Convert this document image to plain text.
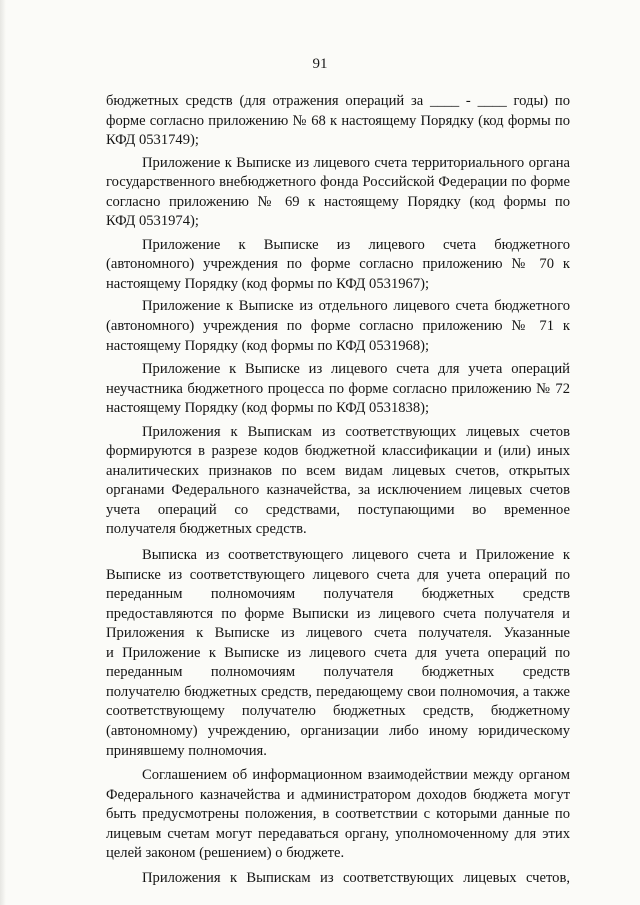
91
бюджетных средств (для отражения операций за ____ - ____ годы) по
форме согласно приложению № 68 к настоящему Порядку (код формы по
КФД 0531749);
Приложение к Выписке из лицевого счета территориального органа
государственного внебюджетного фонда Российской Федерации по форме
согласно приложению № 69 к настоящему Порядку (код формы по
КФД 0531974);
Приложение к Выписке из лицевого счета бюджетного
(автономного) учреждения по форме согласно приложению № 70 к
настоящему Порядку (код формы по КФД 0531967);
Приложение к Выписке из отдельного лицевого счета бюджетного
(автономного) учреждения по форме согласно приложению № 71 к
настоящему Порядку (код формы по КФД 0531968);
Приложение к Выписке из лицевого счета для учета операций
неучастника бюджетного процесса по форме согласно приложению № 72
настоящему Порядку (код формы по КФД 0531838);
Приложения к Выпискам из соответствующих лицевых счетов
формируются в разрезе кодов бюджетной классификации и (или) иных
аналитических признаков по всем видам лицевых счетов, открытых
органами Федерального казначейства, за исключением лицевых счетов
учета операций со средствами, поступающими во временное
получателя бюджетных средств.
Выписка из соответствующего лицевого счета и Приложение к
Выписке из соответствующего лицевого счета для учета операций по
переданным полномочиям получателя бюджетных средств
предоставляются по форме Выписки из лицевого счета получателя и
Приложения к Выписке из лицевого счета получателя. Указанные
и Приложение к Выписке из лицевого счета для учета операций по
переданным полномочиям получателя бюджетных средств
получателю бюджетных средств, передающему свои полномочия, а также
соответствующему получателю бюджетных средств, бюджетному
(автономному) учреждению, организации либо иному юридическому
принявшему полномочия.
Соглашением об информационном взаимодействии между органом
Федерального казначейства и администратором доходов бюджета могут
быть предусмотрены положения, в соответствии с которыми данные по
лицевым счетам могут передаваться органу, уполномоченному для этих
целей законом (решением) о бюджете.
Приложения к Выпискам из соответствующих лицевых счетов,
